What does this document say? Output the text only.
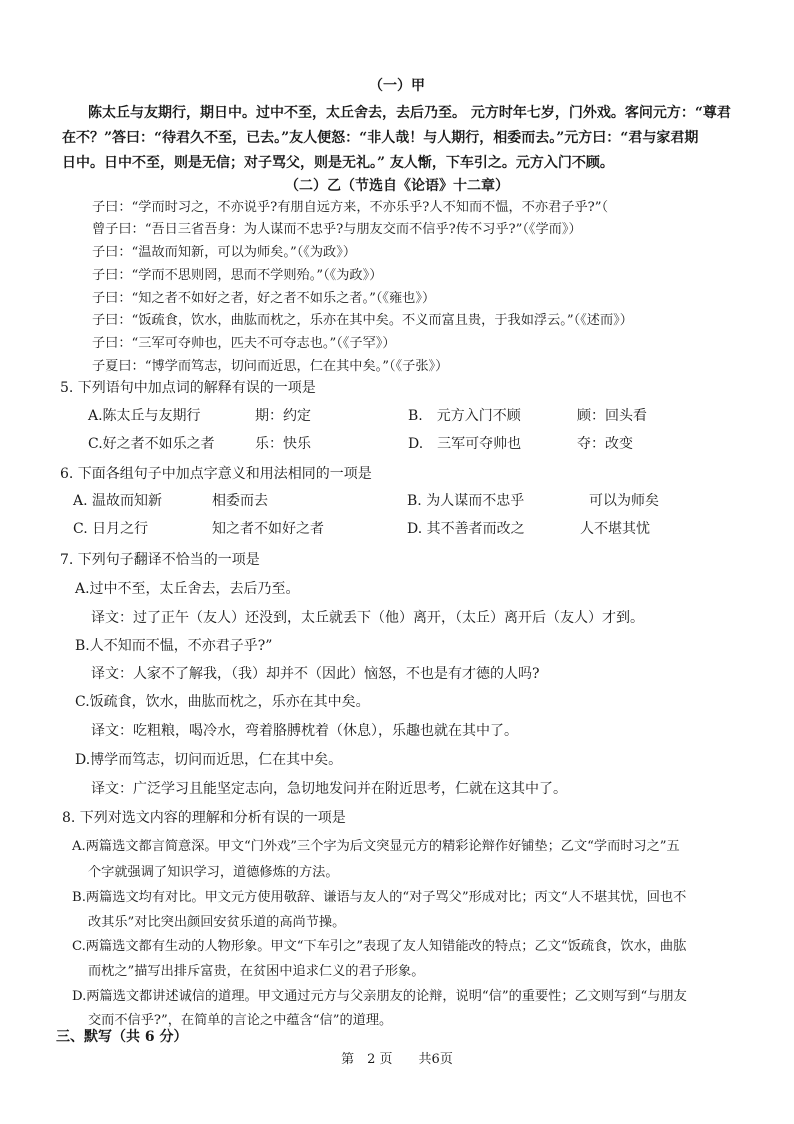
（一）甲
陈太丘与友期行，期日中。过中不至，太丘舍去，去后乃至。 元方时年七岁，门外戏。客问元方：“尊君
在不？”答曰：“待君久不至，已去。”友人便怒：“非人哉！与人期行，相委而去。”元方曰：“君与家君期
日中。日中不至，则是无信；对子骂父，则是无礼。” 友人惭，下车引之。元方入门不顾。
（二）乙（节选自《论语》十二章）
子曰：“学而时习之，不亦说乎?有朋自远方来，不亦乐乎?人不知而不愠，不亦君子乎?”（
曾子曰：“吾日三省吾身：为人谋而不忠乎?与朋友交而不信乎?传不习乎?”（《学而》）
子曰：“温故而知新，可以为师矣。”（《为政》）
子曰：“学而不思则罔，思而不学则殆。”（《为政》）
子曰：“知之者不如好之者，好之者不如乐之者。”（《雍也》）
子曰：“饭疏食，饮水，曲肱而枕之，乐亦在其中矣。不义而富且贵，于我如浮云。”（《述而》）
子曰：“三军可夺帅也，匹夫不可夺志也。”（《子罕》）
子夏曰：“博学而笃志，切问而近思，仁在其中矣。”（《子张》）
5. 下列语句中加点词的解释有误的一项是
A.陈太丘与友期行	期：约定	B.　元方入门不顾	顾：回头看
C.好之者不如乐之者	乐：快乐	D.　三军可夺帅也	夺：改变
6. 下面各组句子中加点字意义和用法相同的一项是
A. 温故而知新	相委而去	B. 为人谋而不忠乎	可以为师矣
C. 日月之行	知之者不如好之者	D. 其不善者而改之	人不堪其忧
7. 下列句子翻译不恰当的一项是
A.过中不至，太丘舍去，去后乃至。
译文：过了正午（友人）还没到，太丘就丢下（他）离开，（太丘）离开后（友人）才到。
B.人不知而不愠，不亦君子乎?”
译文：人家不了解我，（我）却并不（因此）恼怒，不也是有才德的人吗?
C.饭疏食，饮水，曲肱而枕之，乐亦在其中矣。
译文：吃粗粮，喝冷水，弯着胳膊枕着（休息），乐趣也就在其中了。
D.博学而笃志，切问而近思，仁在其中矣。
译文：广泛学习且能坚定志向，急切地发问并在附近思考，仁就在这其中了。
8. 下列对选文内容的理解和分析有误的一项是
A.两篇选文都言简意深。甲文“门外戏”三个字为后文突显元方的精彩论辩作好铺垫；乙文“学而时习之”五
个字就强调了知识学习，道德修炼的方法。
B.两篇选文均有对比。甲文元方使用敬辞、谦语与友人的“对子骂父”形成对比；丙文“人不堪其忧，回也不
改其乐”对比突出颜回安贫乐道的高尚节操。
C.两篇选文都有生动的人物形象。甲文“下车引之”表现了友人知错能改的特点；乙文“饭疏食，饮水，曲肱
而枕之”描写出排斥富贵，在贫困中追求仁义的君子形象。
D.两篇选文都讲述诚信的道理。甲文通过元方与父亲朋友的论辩，说明“信”的重要性；乙文则写到“与朋友
交而不信乎?”，在简单的言论之中蕴含“信”的道理。
三、默写（共 6 分）
第　2 页　　共6页
